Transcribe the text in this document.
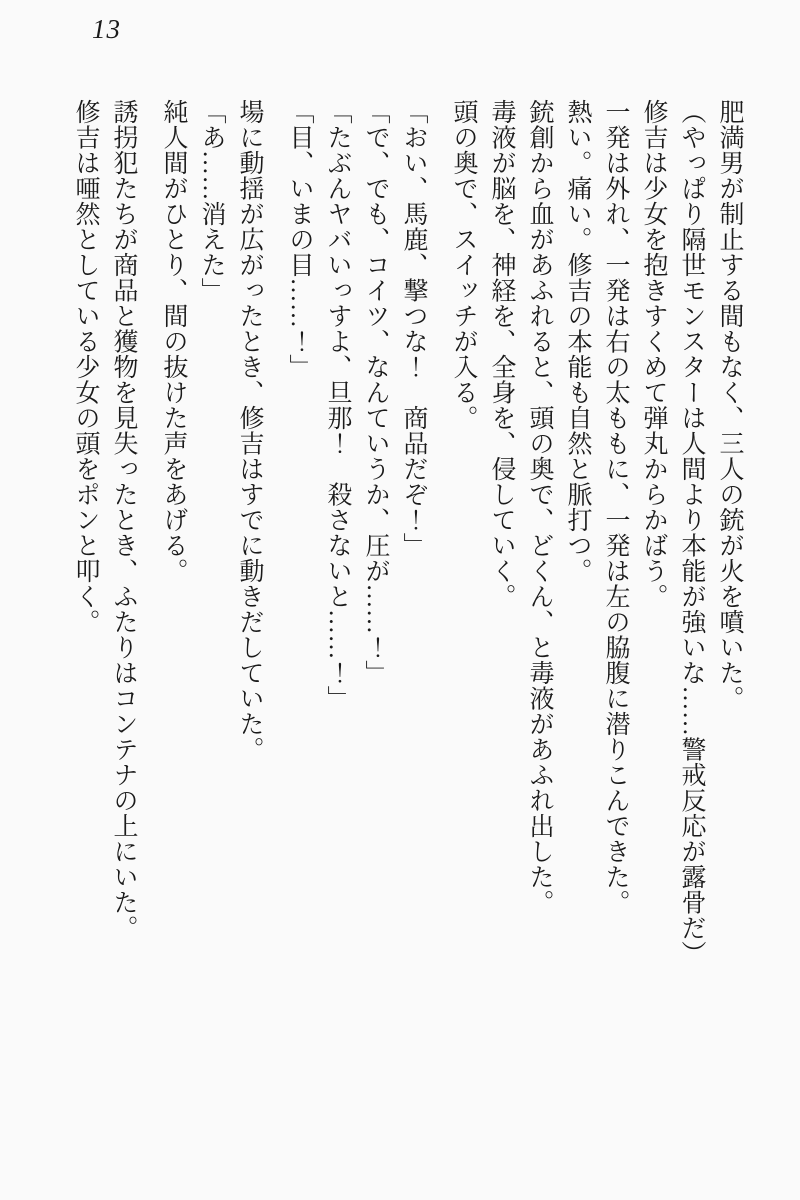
13

肥満男が制止する間もなく、三人の銃が火を噴いた。

（やっぱり隔世モンスターは人間より本能が強いな……警戒反応が露骨だ）

修吉は少女を抱きすくめて弾丸からかばう。

一発は外れ、一発は右の太ももに、一発は左の脇腹に潜りこんできた。

熱い。痛い。修吉の本能も自然と脈打つ。

銃創から血があふれると、頭の奥で、どくん、と毒液があふれ出した。

毒液が脳を、神経を、全身を、侵していく。

頭の奥で、スイッチが入る。

「おい、馬鹿、撃つな！　商品だぞ！」

「で、でも、コイツ、なんていうか、圧が……！」

「たぶんヤバいっすよ、旦那！　殺さないと……！」

「目、いまの目……！」

場に動揺が広がったとき、修吉はすでに動きだしていた。

「あ……消えた」

純人間がひとり、間の抜けた声をあげる。

誘拐犯たちが商品と獲物を見失ったとき、ふたりはコンテナの上にいた。

修吉は唖然としている少女の頭をポンと叩く。
